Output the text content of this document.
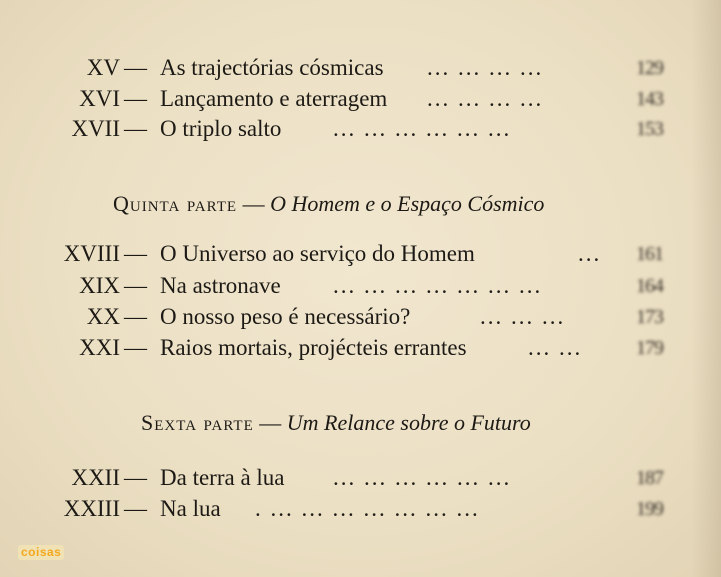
XV — As trajectórias cósmicas ... ... ... ...	129
XVI — Lançamento e aterragem ... ... ... ...	143
XVII — O triplo salto ... ... ... ... ... ...	153
Quinta parte — O Homem e o Espaço Cósmico
XVIII — O Universo ao serviço do Homem	... 161
XIX — Na astronave ... ... ... ... ... ... ...	164
XX — O nosso peso é necessário?	... ... ...	173
XXI — Raios mortais, projécteis errantes	... ...	179
Sexta parte — Um Relance sobre o Futuro
XXII — Da terra à lua ... ... ... ... ... ...	187
XXIII — Na lua . ... ... ... ... ... ... ...	199
coisas
